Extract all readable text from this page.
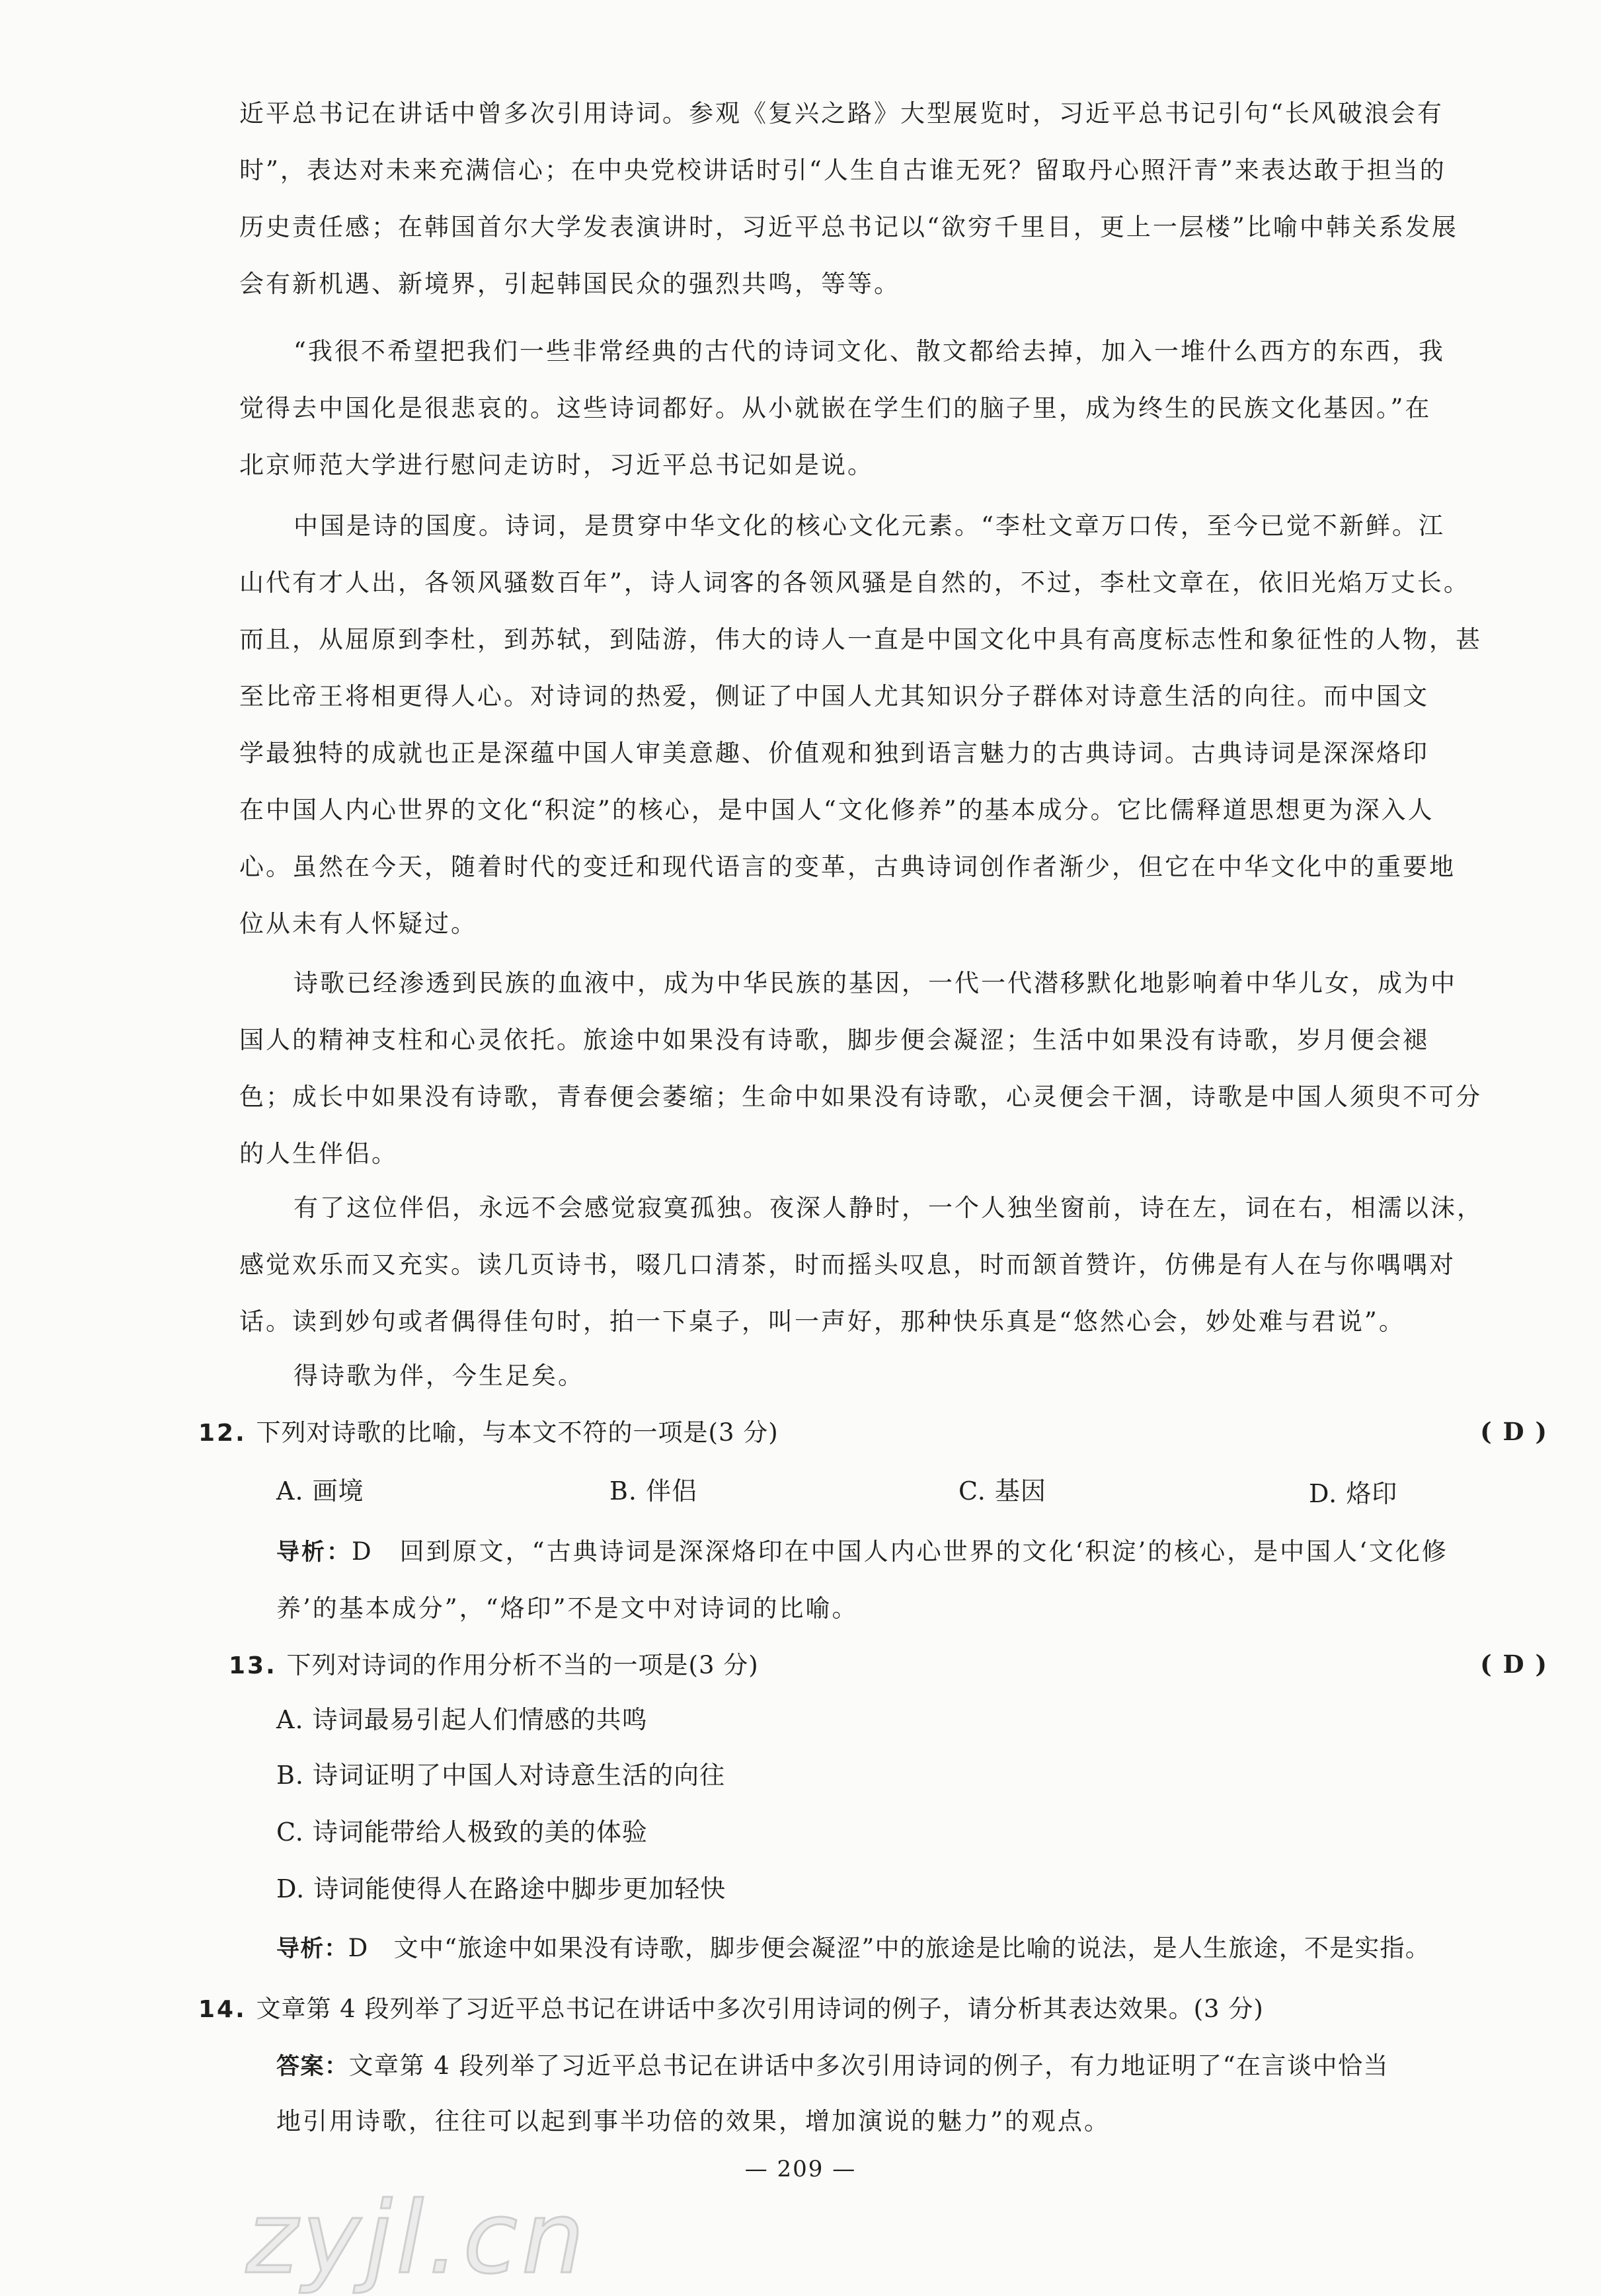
近平总书记在讲话中曾多次引用诗词。参观《复兴之路》大型展览时，习近平总书记引句“长风破浪会有
时”，表达对未来充满信心；在中央党校讲话时引“人生自古谁无死？留取丹心照汗青”来表达敢于担当的
历史责任感；在韩国首尔大学发表演讲时，习近平总书记以“欲穷千里目，更上一层楼”比喻中韩关系发展
会有新机遇、新境界，引起韩国民众的强烈共鸣，等等。
“我很不希望把我们一些非常经典的古代的诗词文化、散文都给去掉，加入一堆什么西方的东西，我
觉得去中国化是很悲哀的。这些诗词都好。从小就嵌在学生们的脑子里，成为终生的民族文化基因。”在
北京师范大学进行慰问走访时，习近平总书记如是说。
中国是诗的国度。诗词，是贯穿中华文化的核心文化元素。“李杜文章万口传，至今已觉不新鲜。江
山代有才人出，各领风骚数百年”，诗人词客的各领风骚是自然的，不过，李杜文章在，依旧光焰万丈长。
而且，从屈原到李杜，到苏轼，到陆游，伟大的诗人一直是中国文化中具有高度标志性和象征性的人物，甚
至比帝王将相更得人心。对诗词的热爱，侧证了中国人尤其知识分子群体对诗意生活的向往。而中国文
学最独特的成就也正是深蕴中国人审美意趣、价值观和独到语言魅力的古典诗词。古典诗词是深深烙印
在中国人内心世界的文化“积淀”的核心，是中国人“文化修养”的基本成分。它比儒释道思想更为深入人
心。虽然在今天，随着时代的变迁和现代语言的变革，古典诗词创作者渐少，但它在中华文化中的重要地
位从未有人怀疑过。
诗歌已经渗透到民族的血液中，成为中华民族的基因，一代一代潜移默化地影响着中华儿女，成为中
国人的精神支柱和心灵依托。旅途中如果没有诗歌，脚步便会凝涩；生活中如果没有诗歌，岁月便会褪
色；成长中如果没有诗歌，青春便会萎缩；生命中如果没有诗歌，心灵便会干涸，诗歌是中国人须臾不可分
的人生伴侣。
有了这位伴侣，永远不会感觉寂寞孤独。夜深人静时，一个人独坐窗前，诗在左，词在右，相濡以沫，
感觉欢乐而又充实。读几页诗书，啜几口清茶，时而摇头叹息，时而颔首赞许，仿佛是有人在与你喁喁对
话。读到妙句或者偶得佳句时，拍一下桌子，叫一声好，那种快乐真是“悠然心会，妙处难与君说”。
得诗歌为伴，今生足矣。
12. 下列对诗歌的比喻，与本文不符的一项是(3 分)	( D )
A. 画境	B. 伴侣	C. 基因	D. 烙印
导析：D　回到原文，“古典诗词是深深烙印在中国人内心世界的文化‘积淀’的核心，是中国人‘文化修
养’的基本成分”，“烙印”不是文中对诗词的比喻。
13. 下列对诗词的作用分析不当的一项是(3 分)	( D )
A. 诗词最易引起人们情感的共鸣
B. 诗词证明了中国人对诗意生活的向往
C. 诗词能带给人极致的美的体验
D. 诗词能使得人在路途中脚步更加轻快
导析：D　文中“旅途中如果没有诗歌，脚步便会凝涩”中的旅途是比喻的说法，是人生旅途，不是实指。
14. 文章第 4 段列举了习近平总书记在讲话中多次引用诗词的例子，请分析其表达效果。(3 分)
答案：文章第 4 段列举了习近平总书记在讲话中多次引用诗词的例子，有力地证明了“在言谈中恰当
地引用诗歌，往往可以起到事半功倍的效果，增加演说的魅力”的观点。
— 209 —
zyjl.cn
